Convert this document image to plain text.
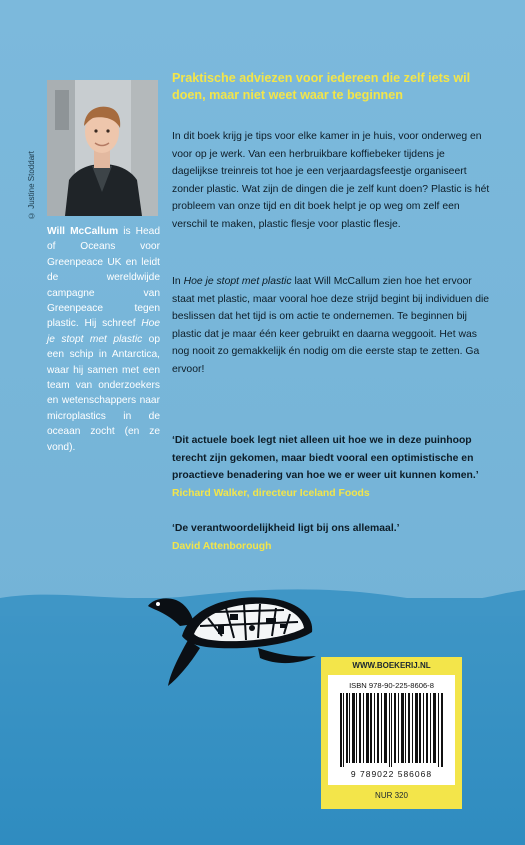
© Justine Stoddart
Will McCallum is Head of Oceans voor Greenpeace UK en leidt de wereldwijde campagne van Greenpeace tegen plastic. Hij schreef Hoe je stopt met plastic op een schip in Antarctica, waar hij samen met een team van onderzoekers en wetenschappers naar microplastics in de oceaan zocht (en ze vond).
Praktische adviezen voor iedereen die zelf iets wil doen, maar niet weet waar te beginnen
In dit boek krijg je tips voor elke kamer in je huis, voor onderweg en voor op je werk. Van een herbruikbare koffiebeker tijdens je dagelijkse treinreis tot hoe je een verjaardagsfeestje organiseert zonder plastic. Wat zijn de dingen die je zelf kunt doen? Plastic is hét probleem van onze tijd en dit boek helpt je op weg om zelf een verschil te maken, plastic flesje voor plastic flesje.
In Hoe je stopt met plastic laat Will McCallum zien hoe het ervoor staat met plastic, maar vooral hoe deze strijd begint bij individuen die beslissen dat het tijd is om actie te ondernemen. Te beginnen bij plastic dat je maar één keer gebruikt en daarna weggooit. Het was nog nooit zo gemakkelijk én nodig om die eerste stap te zetten. Ga ervoor!
‘Dit actuele boek legt niet alleen uit hoe we in deze puinhoop terecht zijn gekomen, maar biedt vooral een optimistische en proactieve benadering van hoe we er weer uit kunnen komen.’ Richard Walker, directeur Iceland Foods
‘De verantwoordelijkheid ligt bij ons allemaal.’
David Attenborough
WWW.BOEKERIJ.NL
ISBN 978-90-225-8606-8
9 789022 586068
NUR 320
